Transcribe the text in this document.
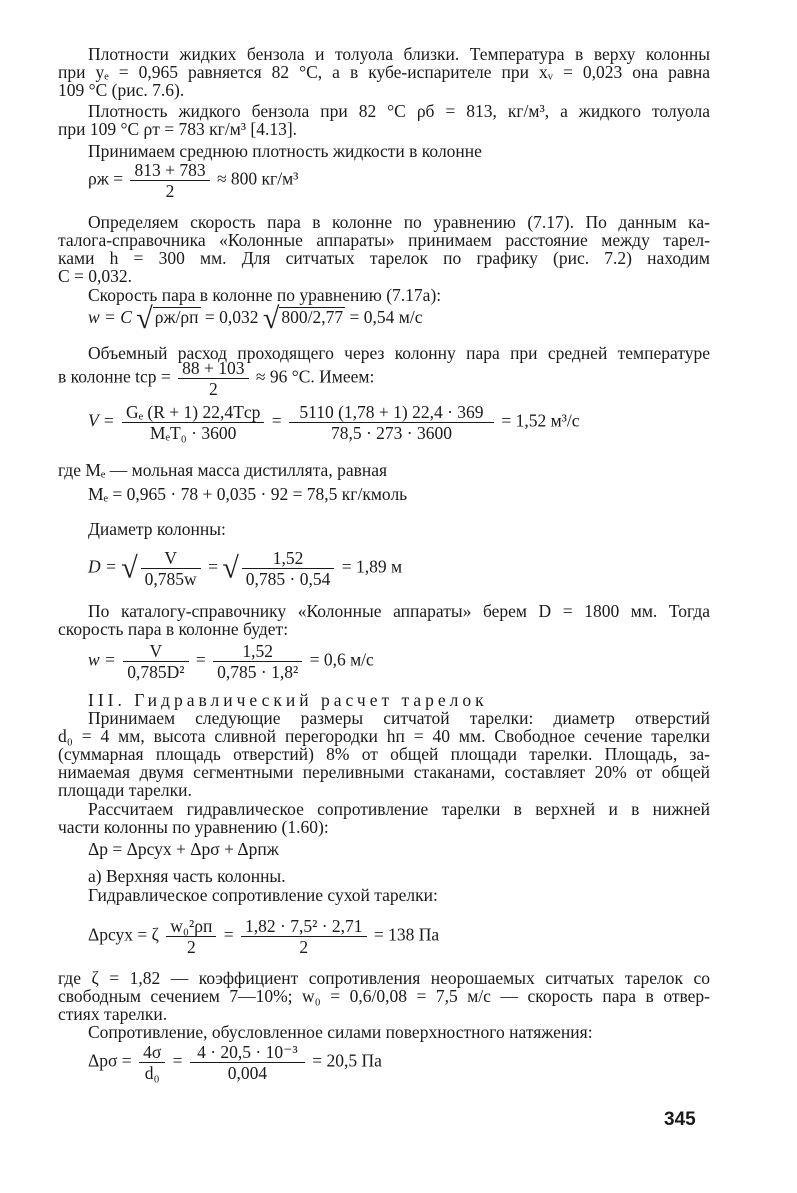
Плотности жидких бензола и толуола близки. Температура в верху колонны
при yₑ = 0,965 равняется 82 °С, а в кубе-испарителе при xᵥ = 0,023 она равна
109 °С (рис. 7.6).
Плотность жидкого бензола при 82 °С ρб = 813, кг/м³, а жидкого толуола
при 109 °С ρᴛ = 783 кг/м³ [4.13].
Принимаем среднюю плотность жидкости в колонне
$\rho ж = \frac{813 + 783}{2} \approx 800$ кг/м³
Определяем скорость пара в колонне по уравнению (7.17). По данным ка-
талога-справочника «Колонные аппараты» принимаем расстояние между тарел-
ками h = 300 мм. Для ситчатых тарелок по графику (рис. 7.2) находим
C = 0,032.
Скорость пара в колонне по уравнению (7.17а):
w = C √ ρж/ρп = 0,032 √ 800/2,77 = 0,54 м/с
Объемный расход проходящего через колонну пара при средней температуре
в колонне tср = $\frac{88 + 103}{2} \approx 96$ °С. Имеем:
$V = \frac{\text{Gₑ (R + 1) 22,4Tср}}{\text{MₑT₀ · 3600}} = \frac{5110 (1,78 + 1) 22,4 \cdot 369}{78,5 \cdot 273 \cdot 3600} = 1,52$ м³/с
где Mₑ — мольная масса дистиллята, равная
Mₑ = 0,965 · 78 + 0,035 · 92 = 78,5 кг/кмоль
Диаметр колонны:
D = √ $\frac{V}{0,785w}$ = √ $\frac{1,52}{0,785 \cdot 0,54} = 1,89$ м
По каталогу-справочнику «Колонные аппараты» берем D = 1800 мм. Тогда
скорость пара в колонне будет:
$w = \frac{V}{\text{0,785D²}} = \frac{1,52}{\text{0,785 · 1,8²}} = 0,6$ м/с
III. Гидравлический расчет тарелок
Принимаем следующие размеры ситчатой тарелки: диаметр отверстий
d₀ = 4 мм, высота сливной перегородки hп = 40 мм. Свободное сечение тарелки
(суммарная площадь отверстий) 8% от общей площади тарелки. Площадь, за-
нимаемая двумя сегментными переливными стаканами, составляет 20% от общей
площади тарелки.
Рассчитаем гидравлическое сопротивление тарелки в верхней и в нижней
части колонны по уравнению (1.60):
Δp = Δpсух + Δpσ + Δpпж
а) Верхняя часть колонны.
Гидравлическое сопротивление сухой тарелки:
Δpсух = ζ $\frac{\text{w₀²ρп}}{2} = \frac{\text{1,82 · 7,5² · 2,71}}{2} = 138$ Па
где ζ = 1,82 — коэффициент сопротивления неорошаемых ситчатых тарелок со
свободным сечением 7—10%; w₀ = 0,6/0,08 = 7,5 м/с — скорость пара в отвер-
стиях тарелки.
Сопротивление, обусловленное силами поверхностного натяжения:
$\Delta p\sigma = \frac{4\sigma}{\text{d₀}} = \frac{\text{4 · 20,5 · 10⁻³}}{0,004} = 20,5$ Па
345
